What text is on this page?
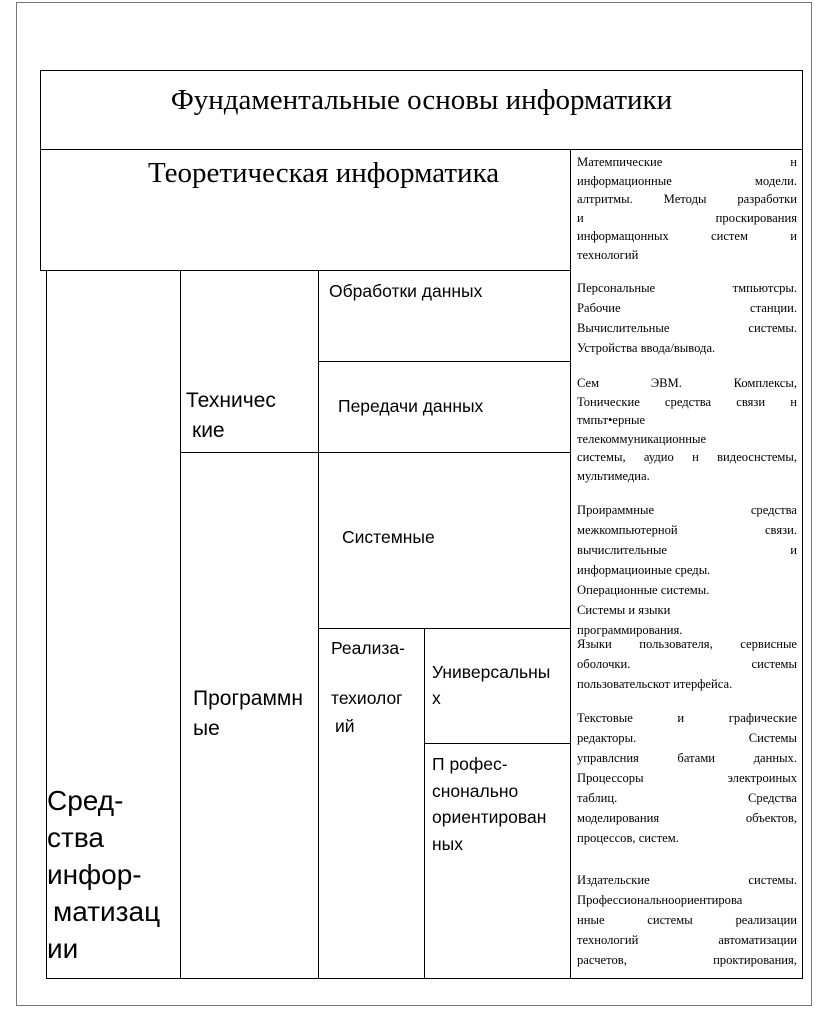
Фундаментальные основы информатики
Теоретическая информатика
Сред-
ства
инфор-
матизац
ии
Техничес
кие
Обработки данных
Передачи данных
Программн
ые
Системные
Реализа-
техиолог
ий
Универсальны
х
П рофес-
снонально
ориентирован
ных
Матемпические н
информационные модели.
алтритмы. Методы разработки
и проскирования
информащонных систем и
технологий
Персональные тмпьютсры.
Рабочие станции.
Вычислительные системы.
Устройства ввода/вывода.
Сем ЭВМ. Комплексы,
Тонические средства связи н
тмпьт•ерные
телекоммуникационные
системы, аудио н видеоснстемы,
мультимедиа.
Проираммные средства
межкомпьютерной связи.
вычислительные и
информациоиные среды.
Операционные системы.
Системы и языки
программирования.
Языки пользователя, сервисные
оболочки. системы
пользовательскот итерфейса.
Текстовые и графические
редакторы. Системы
управлсния батами данных.
Процессоры электроиных
таблиц. Средства
моделирования объектов,
процессов, систем.
Издательские системы.
Профессиональноориентирова
нные системы реализации
технологий автоматизации
расчетов, проктирования,
